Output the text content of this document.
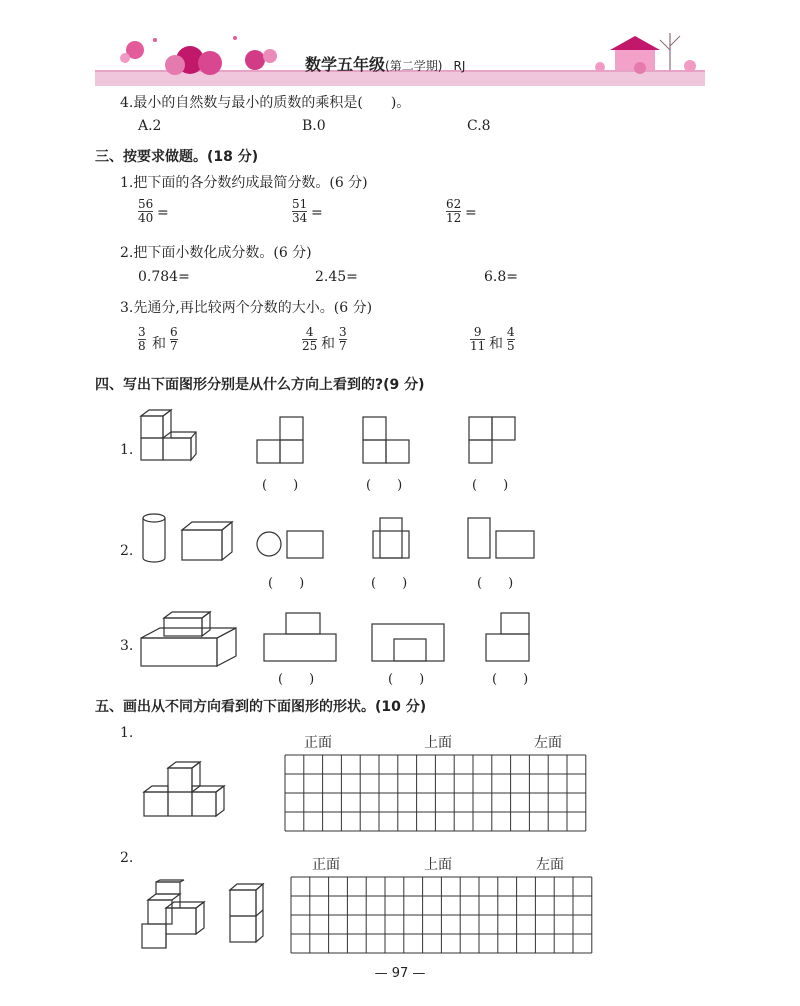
数学五年级(第二学期) RJ
4.最小的自然数与最小的质数的乘积是(　　)。
A.2	B.0	C.8
三、按要求做题。(18 分)
1.把下面的各分数约成最简分数。(6 分)
56
40 =
51
34 =
62
12 =
2.把下面小数化成分数。(6 分)
0.784=	2.45=	6.8=
3.先通分,再比较两个分数的大小。(6 分)
3
8 和
6
7
4
25 和
3
7
9
11 和
4
5
四、写出下面图形分别是从什么方向上看到的?(9 分)
1.
(　　)	(　　)	(　　)
2.
(　　)	(　　)	(　　)
3.
(　　)	(　　)	(　　)
五、画出从不同方向看到的下面图形的形状。(10 分)
1.
正面	上面	左面
2.	正面	上面	左面
— 97 —
